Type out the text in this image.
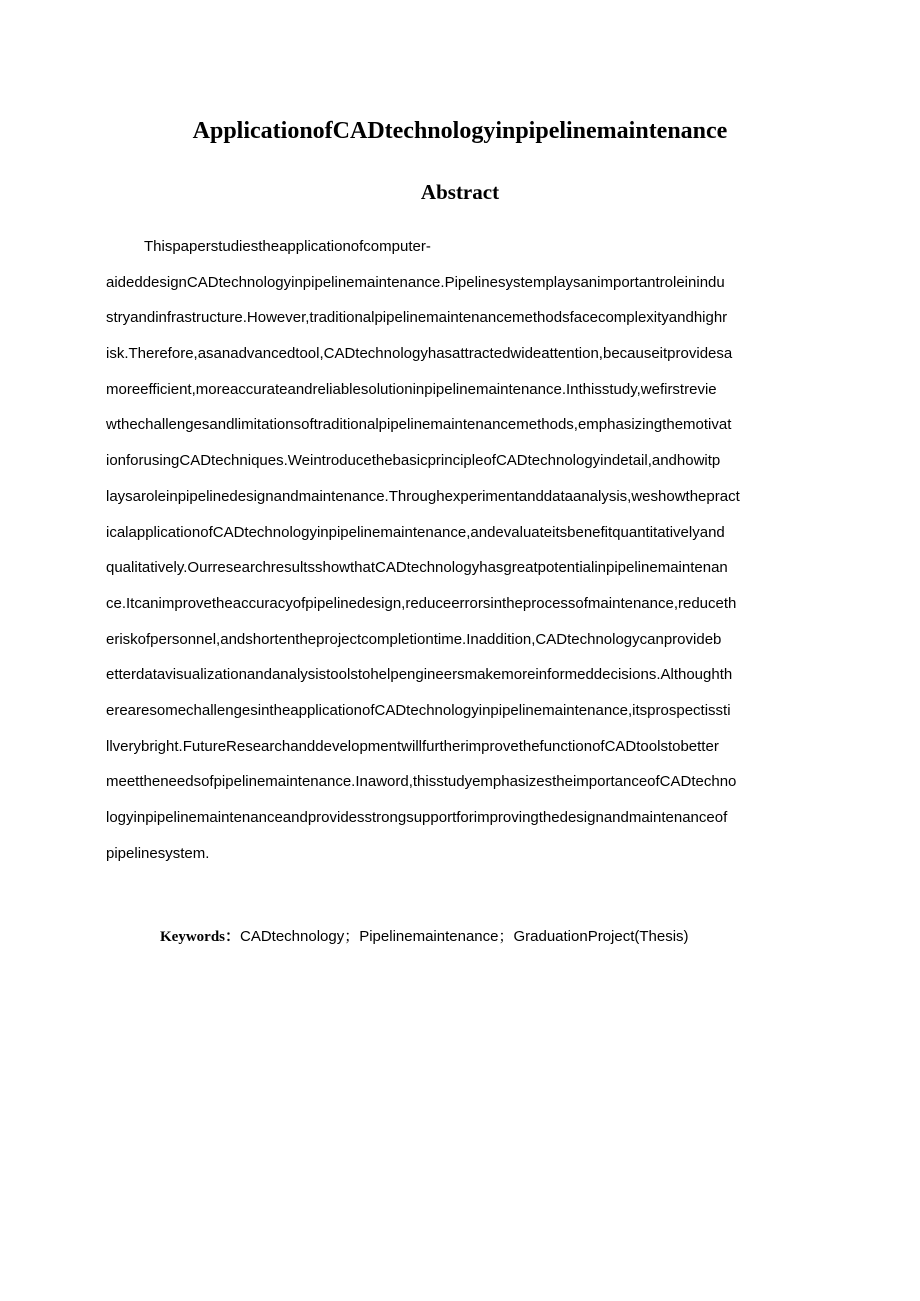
ApplicationofCADtechnologyinpipelinemaintenance
Abstract
Thispaperstudiestheapplicationofcomputer-
aideddesignCADtechnologyinpipelinemaintenance.Pipelinesystemplaysanimportantroleinindu
stryandinfrastructure.However,traditionalpipelinemaintenancemethodsfacecomplexityandhighr
isk.Therefore,asanadvancedtool,CADtechnologyhasattractedwideattention,becauseitprovidesa
moreefficient,moreaccurateandreliablesolutioninpipelinemaintenance.Inthisstudy,wefirstrevie
wthechallengesandlimitationsoftraditionalpipelinemaintenancemethods,emphasizingthemotivat
ionforusingCADtechniques.WeintroducethebasicprincipleofCADtechnologyindetail,andhowitp
laysaroleinpipelinedesignandmaintenance.Throughexperimentanddataanalysis,weshowthepract
icalapplicationofCADtechnologyinpipelinemaintenance,andevaluateitsbenefitquantitativelyand
qualitatively.OurresearchresultsshowthatCADtechnologyhasgreatpotentialinpipelinemaintenan
ce.Itcanimprovetheaccuracyofpipelinedesign,reduceerrorsintheprocessofmaintenance,reduceth
eriskofpersonnel,andshortentheprojectcompletiontime.Inaddition,CADtechnologycanprovideb
etterdatavisualizationandanalysistoolstohelpengineersmakemoreinformeddecisions.Althoughth
erearesomechallengesintheapplicationofCADtechnologyinpipelinemaintenance,itsprospectissti
llverybright.FutureResearchanddevelopmentwillfurtherimprovethefunctionofCADtoolstobetter
meettheneedsofpipelinemaintenance.Inaword,thisstudyemphasizestheimportanceofCADtechno
logyinpipelinemaintenanceandprovidesstrongsupportforimprovingthedesignandmaintenanceof
pipelinesystem.
Keywords：CADtechnology；Pipelinemaintenance；GraduationProject(Thesis)
